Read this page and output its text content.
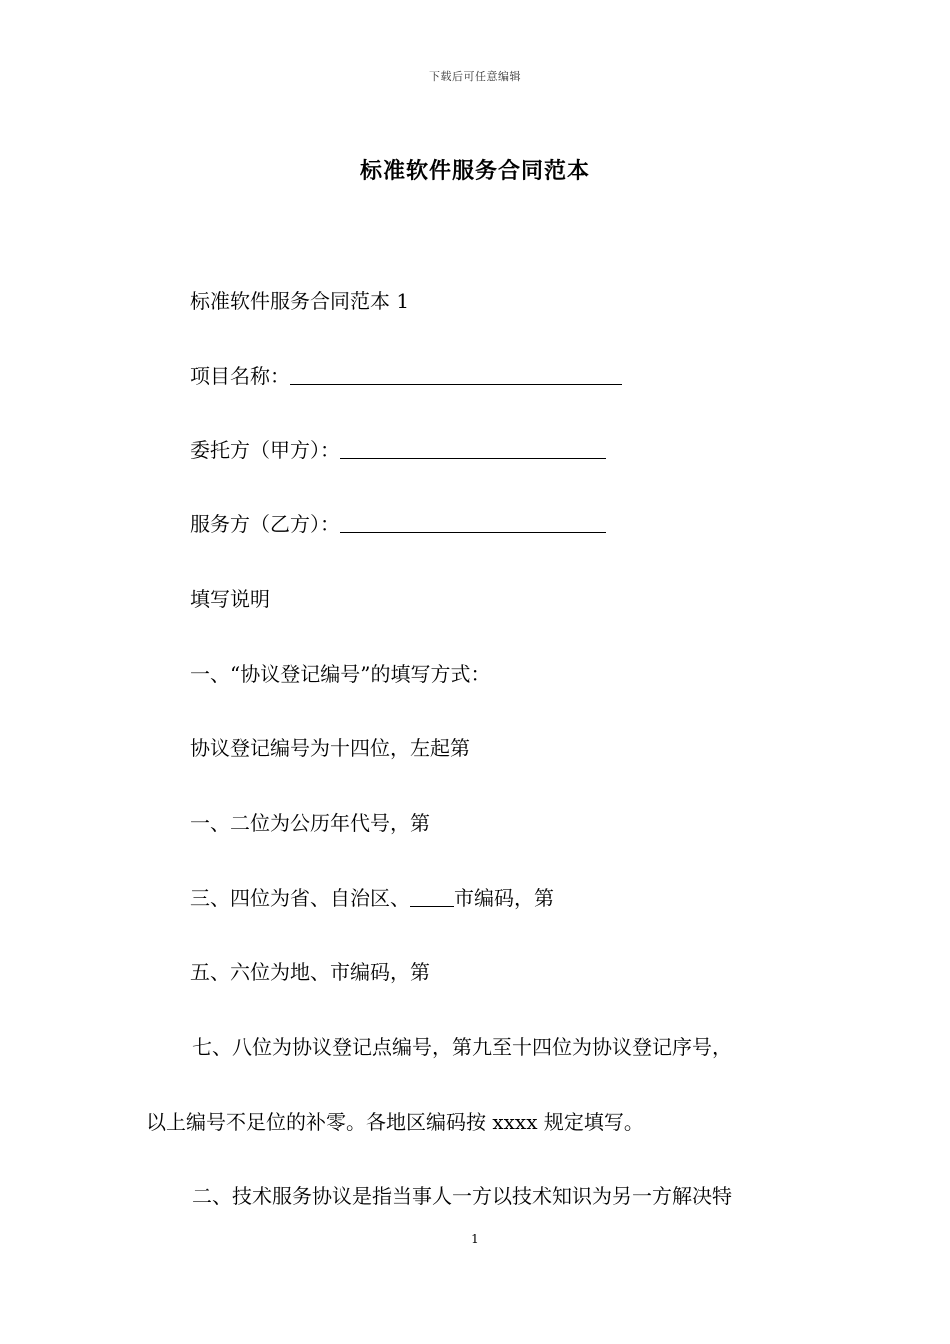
下载后可任意编辑
标准软件服务合同范本
标准软件服务合同范本 1
项目名称：
委托方（甲方）：
服务方（乙方）：
填写说明
一、“协议登记编号”的填写方式：
协议登记编号为十四位，左起第
一、二位为公历年代号，第
三、四位为省、自治区、 市编码，第
五、六位为地、市编码，第
七、八位为协议登记点编号，第九至十四位为协议登记序号，
以上编号不足位的补零。各地区编码按 xxxx 规定填写。
二、技术服务协议是指当事人一方以技术知识为另一方解决特
1
